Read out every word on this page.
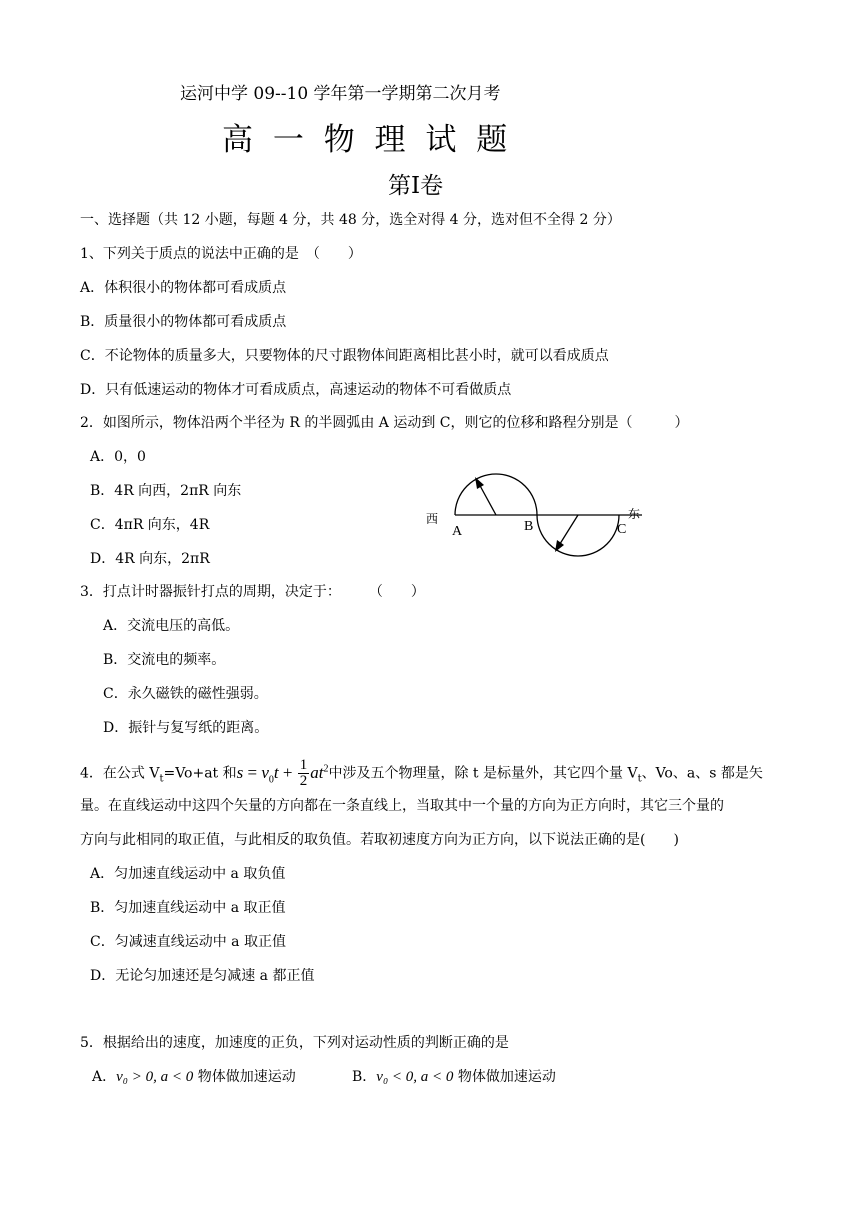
运河中学 09--10 学年第一学期第二次月考
高 一 物 理 试 题
第Ⅰ卷
一、选择题（共 12 小题，每题 4 分，共 48 分，选全对得 4 分，选对但不全得 2 分）
1、下列关于质点的说法中正确的是　（　　）
A．体积很小的物体都可看成质点
B．质量很小的物体都可看成质点
C．不论物体的质量多大，只要物体的尺寸跟物体间距离相比甚小时，就可以看成质点
D．只有低速运动的物体才可看成质点，高速运动的物体不可看做质点
2．如图所示，物体沿两个半径为 R 的半圆弧由 A 运动到 C，则它的位移和路程分别是（　　　）
A．0，0
B．4R 向西，2πR 向东
C．4πR 向东，4R
D．4R 向东，2πR
西
A	B	C
东
3．打点计时器振针打点的周期，决定于：　　　（　　）
A．交流电压的高低。
B．交流电的频率。
C．永久磁铁的磁性强弱。
D．振针与复写纸的距离。
4．在公式 $V_t=Vo+at$ 和$s = v_0t + \frac{1}{2} at^2$中涉及五个物理量，除 t 是标量外，其它四个量 $V_t$、Vo、a、s 都是矢
量。在直线运动中这四个矢量的方向都在一条直线上，当取其中一个量的方向为正方向时，其它三个量的
方向与此相同的取正值，与此相反的取负值。若取初速度方向为正方向，以下说法正确的是(　　)
A．匀加速直线运动中 a 取负值
B．匀加速直线运动中 a 取正值
C．匀减速直线运动中 a 取正值
D．无论匀加速还是匀减速 a 都正值
5．根据给出的速度，加速度的正负，下列对运动性质的判断正确的是
A．v₀ > 0, a < 0 物体做加速运动	B．v₀ < 0, a < 0 物体做加速运动
